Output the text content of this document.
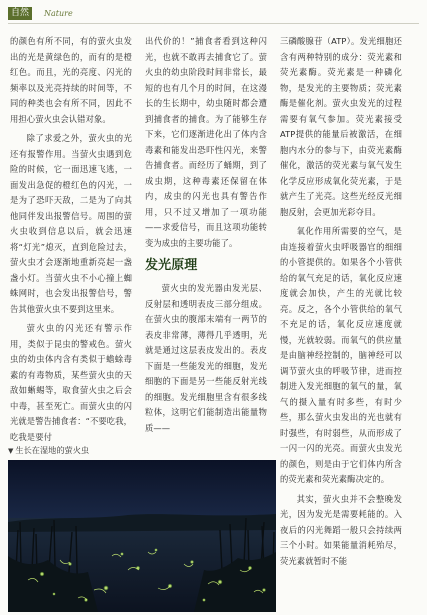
自然	Nature

的颜色有所不同，有的萤火虫发出的光是黄绿色的，而有的是橙红色。而且，光的亮度、闪光的频率以及光亮持续的时间等，不同的种类也会有所不同，因此不用担心萤火虫会认错对象。

除了求爱之外，萤火虫的光还有报警作用。当萤火虫遇到危险的时候，它一面迅速飞逃，一面发出急促的橙红色的闪光，一是为了恐吓天敌，二是为了向其他同伴发出报警信号。周围的萤火虫收到信息以后，就会迅速将“灯光”熄灭，直到危险过去，萤火虫才会逐渐地重新亮起一盏盏小灯。当萤火虫不小心撞上蜘蛛网时，也会发出报警信号，警告其他萤火虫不要到这里来。

萤火虫的闪光还有警示作用，类似于昆虫的警戒色。萤火虫的幼虫体内含有类似于蟾蜍毒素的有毒物质，某些萤火虫的天敌如蜥蜴等，取食萤火虫之后会中毒，甚至死亡。而萤火虫的闪光就是警告捕食者：“不要吃我，吃我是要付

出代价的！”捕食者看到这种闪光，也就不敢再去捕食它了。萤火虫的幼虫阶段时间非常长，最短的也有几个月的时间，在这漫长的生长期中，幼虫随时都会遭到捕食者的捕食。为了能够生存下来，它们逐渐进化出了体内含毒素和能发出恐吓性闪光，来警告捕食者。而经历了蛹期，到了成虫期，这种毒素还保留在体内，成虫的闪光也具有警告作用，只不过又增加了一项功能——求爱信号，而且这项功能转变为成虫的主要功能了。

发光原理

萤火虫的发光器由发光层、反射层和透明表皮三部分组成。在萤火虫的腹部末端有一两节的表皮非常薄，薄得几乎透明，光就是通过这层表皮发出的。表皮下面是一些能发光的细胞，发光细胞的下面是另一些能反射光线的细胞。发光细胞里含有很多线粒体，这明它们能制造出能量物质——

三磷酸腺苷（ATP）。发光细胞还含有两种特别的成分：荧光素和荧光素酶。荧光素是一种磷化物，是发光的主要物质；荧光素酶是催化剂。萤火虫发光的过程需要有氧气参加。荧光素接受ATP提供的能量后被激活，在细胞内水分的参与下，由荧光素酶催化，激活的荧光素与氧气发生化学反应形成氧化荧光素，于是就产生了光亮。这些光经反光细胞反射，会更加光彩夺目。

氧化作用所需要的空气，是由连接着萤火虫呼吸器官的细细的小管提供的。如果各个小管供给的氧气充足的话，氧化反应速度就会加快，产生的光就比较亮。反之，各个小管供给的氧气不充足的话，氧化反应速度就慢，光就较弱。而氧气的供应量是由脑神经控制的，脑神经可以调节萤火虫的呼吸节律，进而控制进入发光细胞的氧气的量，氧气的摄入量有时多些，有时少些，那么萤火虫发出的光也就有时强些，有时弱些，从而形成了一闪一闪的光亮。而萤火虫发光的颜色，则是由于它们体内所含的荧光素和荧光素酶决定的。

其实，萤火虫并不会整晚发光，因为发光是需要耗能的。入夜后的闪光舞蹈一般只会持续两三个小时。如果能量消耗殆尽，荧光素就暂时不能

▼ 生长在湿地的萤火虫
